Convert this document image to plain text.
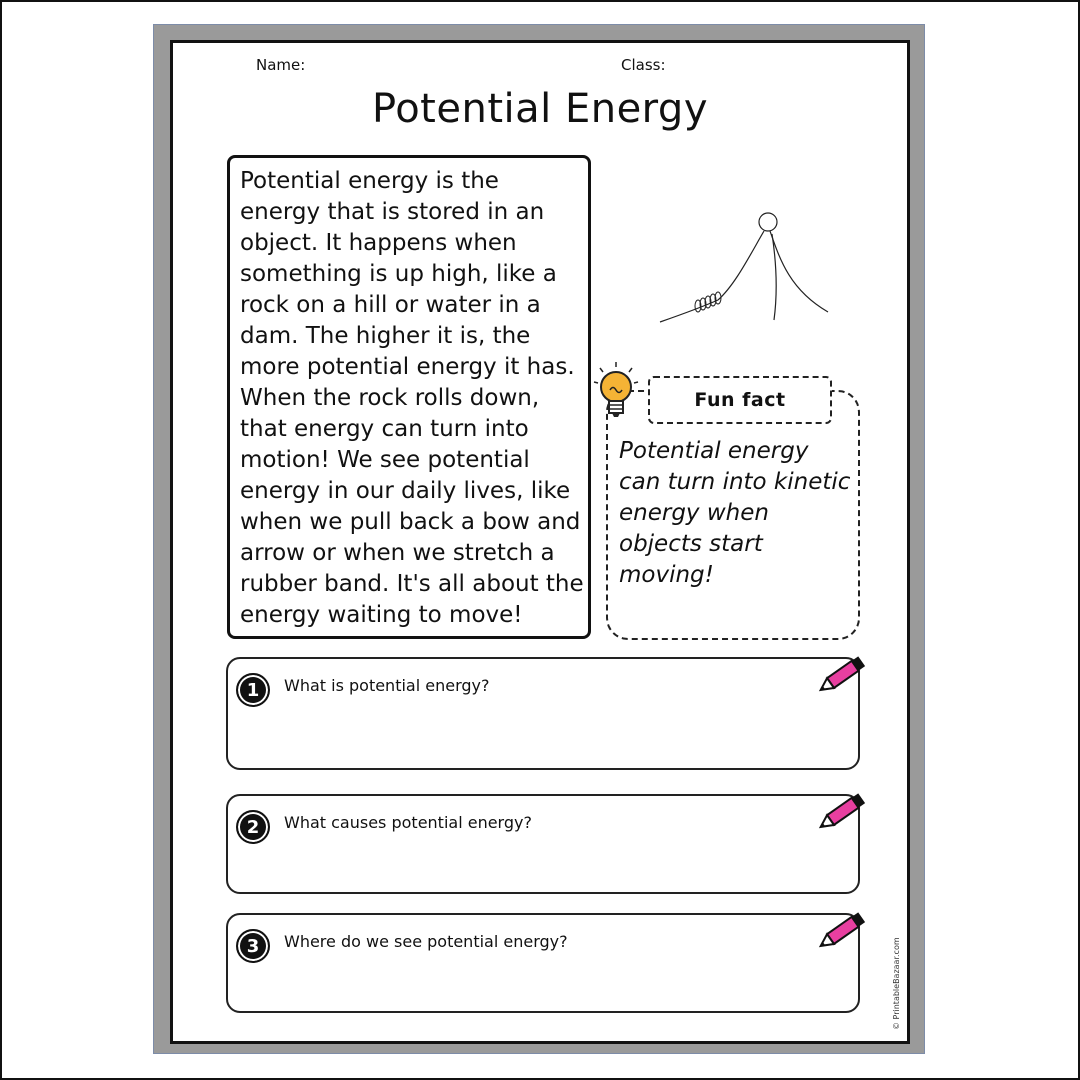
Name:	Class:
Potential Energy
Potential energy is the energy that is stored in an object. It happens when something is up high, like a rock on a hill or water in a dam. The higher it is, the more potential energy it has. When the rock rolls down, that energy can turn into motion! We see potential energy in our daily lives, like when we pull back a bow and arrow or when we stretch a rubber band. It's all about the energy waiting to move!
Fun fact
Potential energy can turn into kinetic energy when objects start moving!
1	What is potential energy?
2	What causes potential energy?
3	Where do we see potential energy?	© PrintableBazaar.com
